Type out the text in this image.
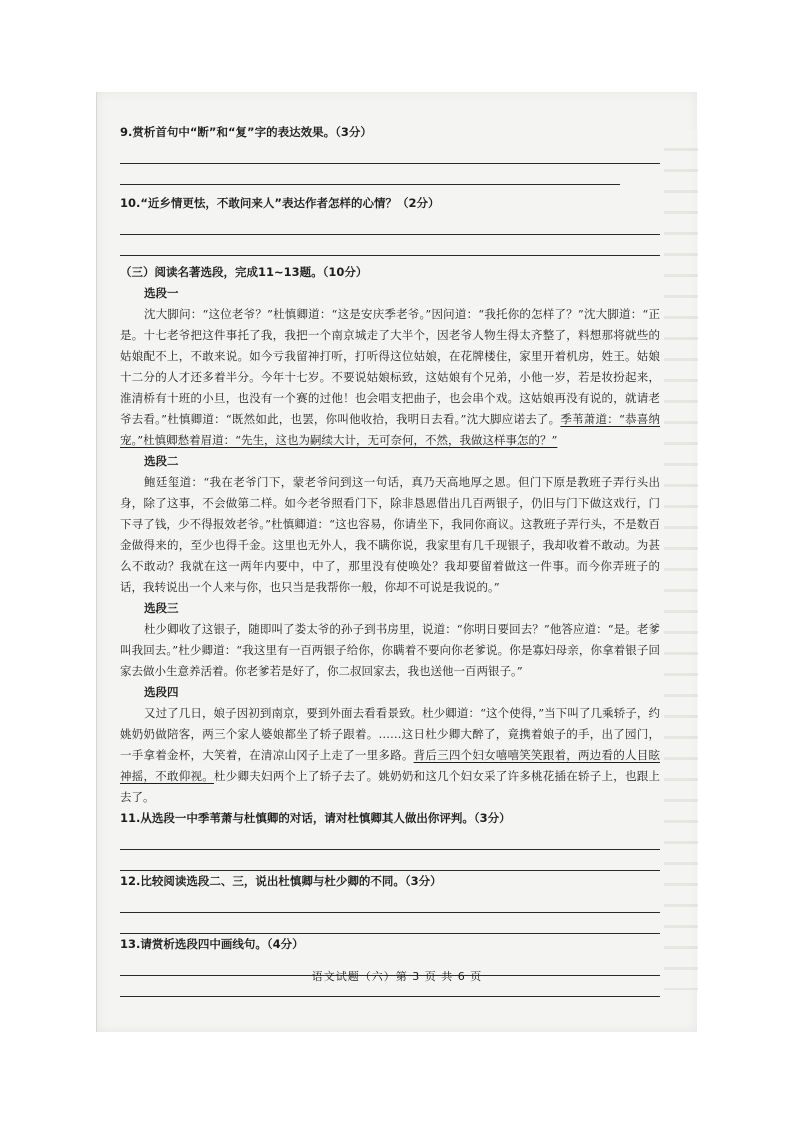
9.赏析首句中“断”和“复”字的表达效果。（3分）

10.“近乡情更怯，不敢问来人”表达作者怎样的心情？（2分）

（三）阅读名著选段，完成11~13题。（10分）
选段一

沈大脚问：“这位老爷？”杜慎卿道：“这是安庆季老爷。”因问道：“我托你的怎样了？”沈大脚道：“正是。十七老爷把这件事托了我，我把一个南京城走了大半个，因老爷人物生得太齐整了，料想那将就些的姑娘配不上，不敢来说。如今亏我留神打听，打听得这位姑娘，在花牌楼住，家里开着机房，姓王。姑娘十二分的人才还多着半分。今年十七岁。不要说姑娘标致，这姑娘有个兄弟，小他一岁，若是妆扮起来，淮清桥有十班的小旦，也没有一个赛的过他！也会唱支把曲子，也会串个戏。这姑娘再没有说的，就请老爷去看。”杜慎卿道：“既然如此，也罢，你叫他收拾，我明日去看。”沈大脚应诺去了。季苇萧道：“恭喜纳宠。”杜慎卿愁着眉道：“先生，这也为嗣续大计，无可奈何，不然，我做这样事怎的？”

选段二

鲍廷玺道：“我在老爷门下，蒙老爷问到这一句话，真乃天高地厚之恩。但门下原是教班子弄行头出身，除了这事，不会做第二样。如今老爷照看门下，除非恳恩借出几百两银子，仍旧与门下做这戏行，门下寻了钱，少不得报效老爷。”杜慎卿道：“这也容易，你请坐下，我同你商议。这教班子弄行头，不是数百金做得来的，至少也得千金。这里也无外人，我不瞒你说，我家里有几千现银子，我却收着不敢动。为甚么不敢动？我就在这一两年内要中，中了，那里没有使唤处？我却要留着做这一件事。而今你弄班子的话，我转说出一个人来与你，也只当是我帮你一般，你却不可说是我说的。”

选段三

杜少卿收了这银子，随即叫了娄太爷的孙子到书房里，说道：“你明日要回去？”他答应道：“是。老爹叫我回去。”杜少卿道：“我这里有一百两银子给你，你瞒着不要向你老爹说。你是寡妇母亲，你拿着银子回家去做小生意养活着。你老爹若是好了，你二叔回家去，我也送他一百两银子。”

选段四

又过了几日，娘子因初到南京，要到外面去看看景致。杜少卿道：“这个使得，”当下叫了几乘轿子，约姚奶奶做陪客，两三个家人婆娘都坐了轿子跟着。……这日杜少卿大醉了，竟携着娘子的手，出了园门，一手拿着金杯，大笑着，在清凉山冈子上走了一里多路。背后三四个妇女嘻嘻笑笑跟着，两边看的人目眩神摇，不敢仰视。杜少卿夫妇两个上了轿子去了。姚奶奶和这几个妇女采了许多桃花插在轿子上，也跟上去了。

11.从选段一中季苇萧与杜慎卿的对话，请对杜慎卿其人做出你评判。（3分）

12.比较阅读选段二、三，说出杜慎卿与杜少卿的不同。（3分）

13.请赏析选段四中画线句。（4分）

语文试题（六）第 3 页 共 6 页
